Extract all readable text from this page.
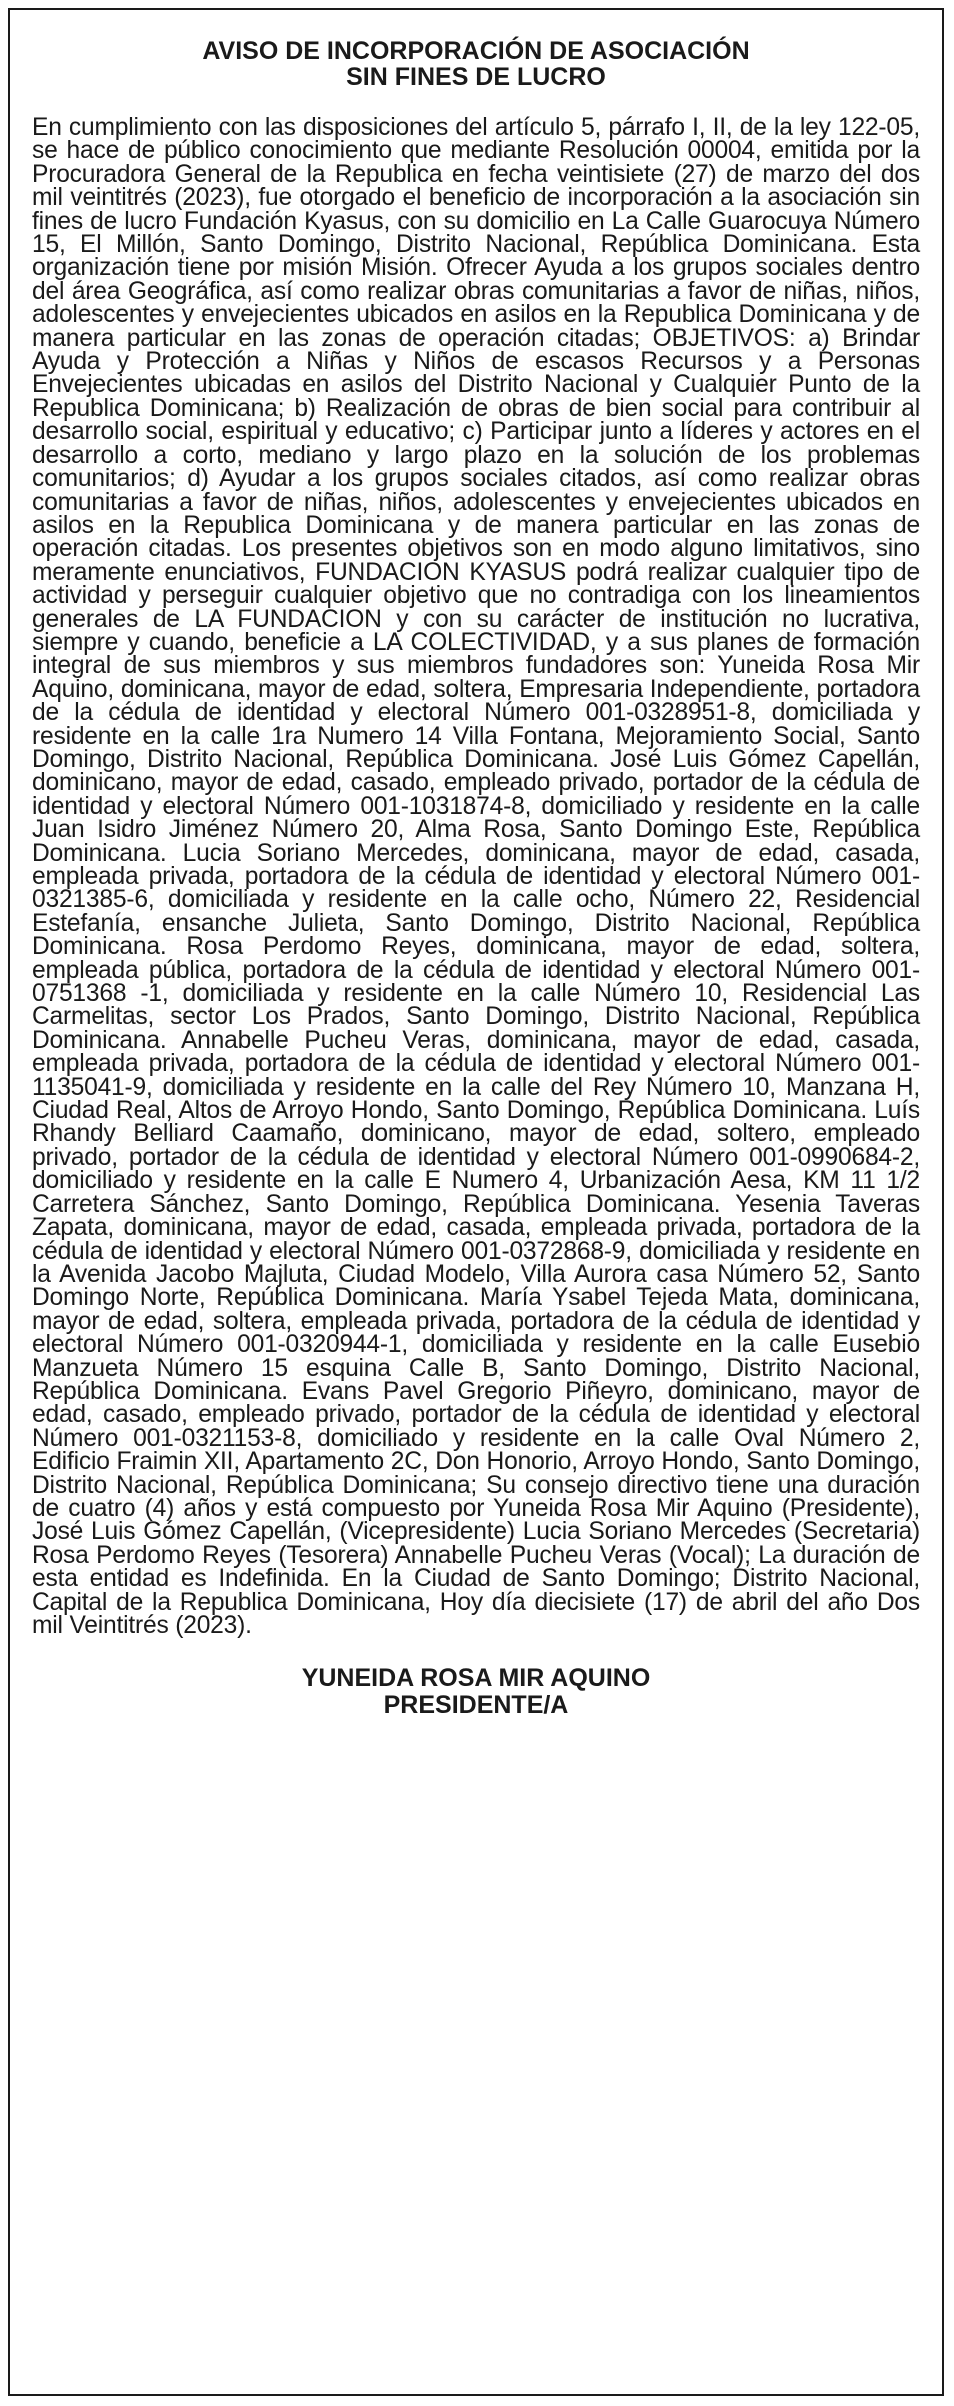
AVISO DE INCORPORACIÓN DE ASOCIACIÓN
SIN FINES DE LUCRO
En cumplimiento con las disposiciones del artículo 5, párrafo I, II, de la ley 122-05, se hace de público conocimiento que mediante Resolución 00004, emitida por la Procuradora General de la Republica en fecha veintisiete (27) de marzo del dos mil veintitrés (2023), fue otorgado el beneficio de incorporación a la asociación sin fines de lucro Fundación Kyasus, con su domicilio en La Calle Guarocuya Número 15, El Millón, Santo Domingo, Distrito Nacional, República Dominicana. Esta organización tiene por misión Misión. Ofrecer Ayuda a los grupos sociales dentro del área Geográfica, así como realizar obras comunitarias a favor de niñas, niños, adolescentes y envejecientes ubicados en asilos en la Republica Dominicana y de manera particular en las zonas de operación citadas; OBJETIVOS: a) Brindar Ayuda y Protección a Niñas y Niños de escasos Recursos y a Personas Envejecientes ubicadas en asilos del Distrito Nacional y Cualquier Punto de la Republica Dominicana; b) Realización de obras de bien social para contribuir al desarrollo social, espiritual y educativo; c) Participar junto a líderes y actores en el desarrollo a corto, mediano y largo plazo en la solución de los problemas comunitarios; d) Ayudar a los grupos sociales citados, así como realizar obras comunitarias a favor de niñas, niños, adolescentes y envejecientes ubicados en asilos en la Republica Dominicana y de manera particular en las zonas de operación citadas. Los presentes objetivos son en modo alguno limitativos, sino meramente enunciativos, FUNDACION KYASUS podrá realizar cualquier tipo de actividad y perseguir cualquier objetivo que no contradiga con los lineamientos generales de LA FUNDACION y con su carácter de institución no lucrativa, siempre y cuando, beneficie a LA COLECTIVIDAD, y a sus planes de formación integral de sus miembros y sus miembros fundadores son: Yuneida Rosa Mir Aquino, dominicana, mayor de edad, soltera, Empresaria Independiente, portadora de la cédula de identidad y electoral Número 001-0328951-8, domiciliada y residente en la calle 1ra Numero 14 Villa Fontana, Mejoramiento Social, Santo Domingo, Distrito Nacional, República Dominicana. José Luis Gómez Capellán, dominicano, mayor de edad, casado, empleado privado, portador de la cédula de identidad y electoral Número 001-1031874-8, domiciliado y residente en la calle Juan Isidro Jiménez Número 20, Alma Rosa, Santo Domingo Este, República Dominicana. Lucia Soriano Mercedes, dominicana, mayor de edad, casada, empleada privada, portadora de la cédula de identidad y electoral Número 001-0321385-6, domiciliada y residente en la calle ocho, Número 22, Residencial Estefanía, ensanche Julieta, Santo Domingo, Distrito Nacional, República Dominicana. Rosa Perdomo Reyes, dominicana, mayor de edad, soltera, empleada pública, portadora de la cédula de identidad y electoral Número 001-0751368 -1, domiciliada y residente en la calle Número 10, Residencial Las Carmelitas, sector Los Prados, Santo Domingo, Distrito Nacional, República Dominicana. Annabelle Pucheu Veras, dominicana, mayor de edad, casada, empleada privada, portadora de la cédula de identidad y electoral Número 001-1135041-9, domiciliada y residente en la calle del Rey Número 10, Manzana H, Ciudad Real, Altos de Arroyo Hondo, Santo Domingo, República Dominicana. Luís Rhandy Belliard Caamaño, dominicano, mayor de edad, soltero, empleado privado, portador de la cédula de identidad y electoral Número 001-0990684-2, domiciliado y residente en la calle E Numero 4, Urbanización Aesa, KM 11 1/2 Carretera Sánchez, Santo Domingo, República Dominicana. Yesenia Taveras Zapata, dominicana, mayor de edad, casada, empleada privada, portadora de la cédula de identidad y electoral Número 001-0372868-9, domiciliada y residente en la Avenida Jacobo Majluta, Ciudad Modelo, Villa Aurora casa Número 52, Santo Domingo Norte, República Dominicana. María Ysabel Tejeda Mata, dominicana, mayor de edad, soltera, empleada privada, portadora de la cédula de identidad y electoral Número 001-0320944-1, domiciliada y residente en la calle Eusebio Manzueta Número 15 esquina Calle B, Santo Domingo, Distrito Nacional, República Dominicana. Evans Pavel Gregorio Piñeyro, dominicano, mayor de edad, casado, empleado privado, portador de la cédula de identidad y electoral Número 001-0321153-8, domiciliado y residente en la calle Oval Número 2, Edificio Fraimin XII, Apartamento 2C, Don Honorio, Arroyo Hondo, Santo Domingo, Distrito Nacional, República Dominicana; Su consejo directivo tiene una duración de cuatro (4) años y está compuesto por Yuneida Rosa Mir Aquino (Presidente), José Luis Gómez Capellán, (Vicepresidente) Lucia Soriano Mercedes (Secretaria) Rosa Perdomo Reyes (Tesorera) Annabelle Pucheu Veras (Vocal); La duración de esta entidad es Indefinida. En la Ciudad de Santo Domingo; Distrito Nacional, Capital de la Republica Dominicana, Hoy día diecisiete (17) de abril del año Dos mil Veintitrés (2023).
YUNEIDA ROSA MIR AQUINO
PRESIDENTE/A
